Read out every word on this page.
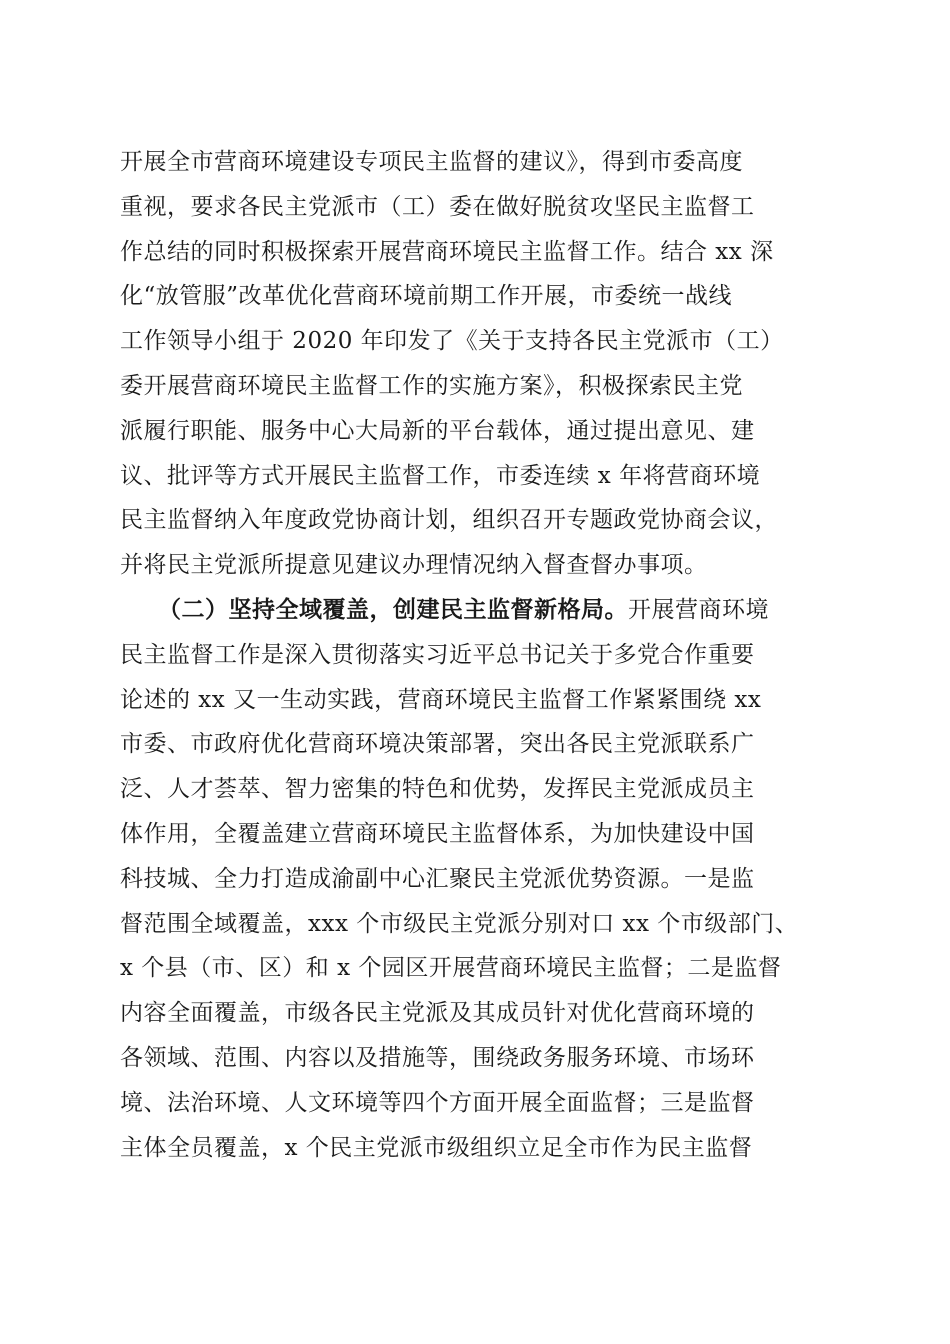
开展全市营商环境建设专项民主监督的建议》，得到市委高度
重视，要求各民主党派市（工）委在做好脱贫攻坚民主监督工
作总结的同时积极探索开展营商环境民主监督工作。结合 xx 深
化“放管服”改革优化营商环境前期工作开展，市委统一战线
工作领导小组于 2020 年印发了《关于支持各民主党派市（工）
委开展营商环境民主监督工作的实施方案》，积极探索民主党
派履行职能、服务中心大局新的平台载体，通过提出意见、建
议、批评等方式开展民主监督工作，市委连续 x 年将营商环境
民主监督纳入年度政党协商计划，组织召开专题政党协商会议，
并将民主党派所提意见建议办理情况纳入督查督办事项。
（二）坚持全域覆盖，创建民主监督新格局。开展营商环境
民主监督工作是深入贯彻落实习近平总书记关于多党合作重要
论述的 xx 又一生动实践，营商环境民主监督工作紧紧围绕 xx
市委、市政府优化营商环境决策部署，突出各民主党派联系广
泛、人才荟萃、智力密集的特色和优势，发挥民主党派成员主
体作用，全覆盖建立营商环境民主监督体系，为加快建设中国
科技城、全力打造成渝副中心汇聚民主党派优势资源。一是监
督范围全域覆盖，xxx 个市级民主党派分别对口 xx 个市级部门、
x 个县（市、区）和 x 个园区开展营商环境民主监督；二是监督
内容全面覆盖，市级各民主党派及其成员针对优化营商环境的
各领域、范围、内容以及措施等，围绕政务服务环境、市场环
境、法治环境、人文环境等四个方面开展全面监督；三是监督
主体全员覆盖，x 个民主党派市级组织立足全市作为民主监督
